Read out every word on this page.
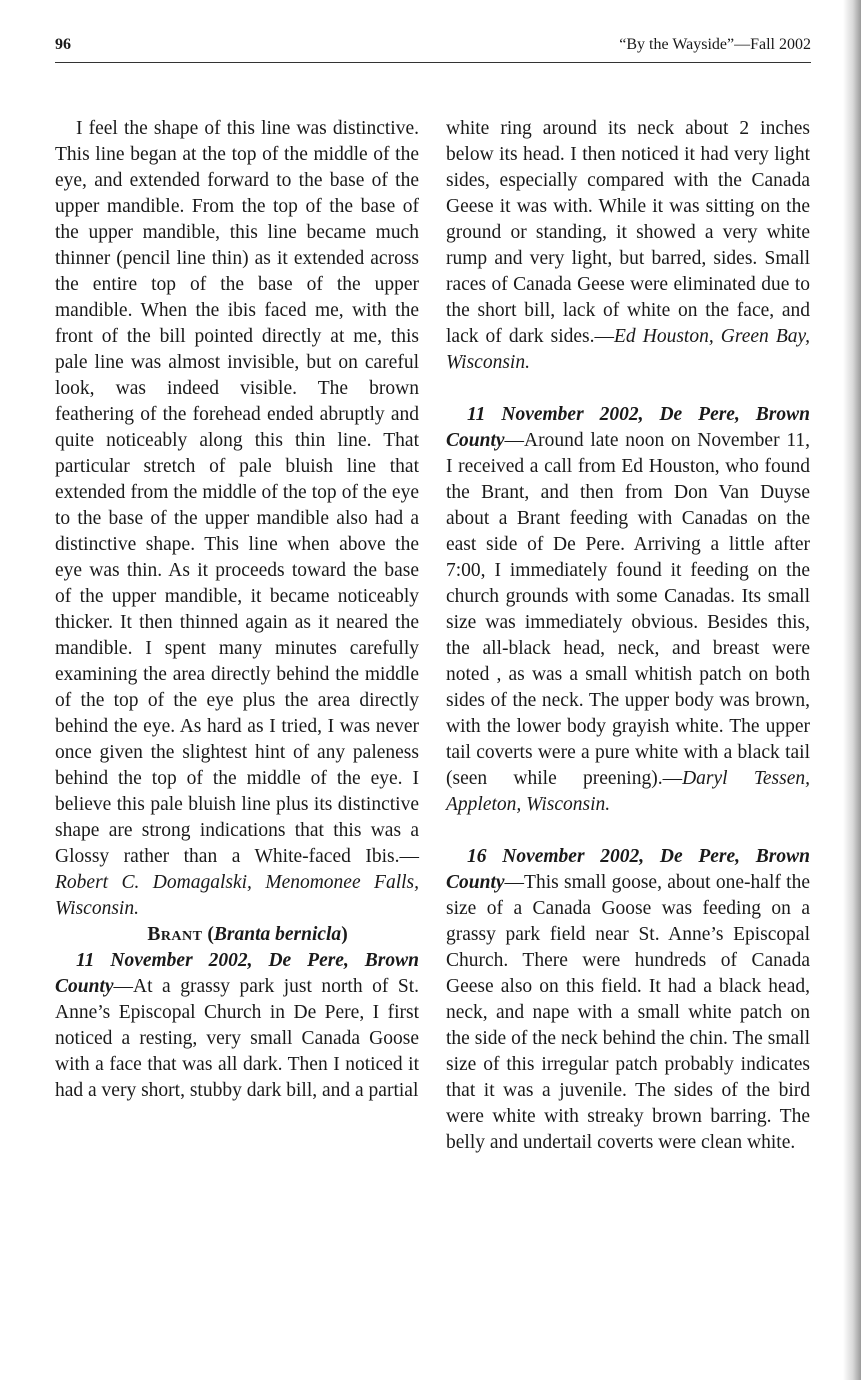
96	“By the Wayside”—Fall 2002

I feel the shape of this line was distinctive. This line began at the top of the middle of the eye, and extended forward to the base of the upper mandible. From the top of the base of the upper mandible, this line became much thinner (pencil line thin) as it extended across the entire top of the base of the upper mandible. When the ibis faced me, with the front of the bill pointed directly at me, this pale line was almost invisible, but on careful look, was indeed visible. The brown feathering of the forehead ended abruptly and quite noticeably along this thin line. That particular stretch of pale bluish line that extended from the middle of the top of the eye to the base of the upper mandible also had a distinctive shape. This line when above the eye was thin. As it proceeds toward the base of the upper mandible, it became noticeably thicker. It then thinned again as it neared the mandible. I spent many minutes carefully examining the area directly behind the middle of the top of the eye plus the area directly behind the eye. As hard as I tried, I was never once given the slightest hint of any paleness behind the top of the middle of the eye. I believe this pale bluish line plus its distinctive shape are strong indications that this was a Glossy rather than a White-faced Ibis.—Robert C. Domagalski, Menomonee Falls, Wisconsin.

Brant (Branta bernicla)

11 November 2002, De Pere, Brown County—At a grassy park just north of St. Anne’s Episcopal Church in De Pere, I first noticed a resting, very small Canada Goose with a face that was all dark. Then I noticed it had a very short, stubby dark bill, and a partial

white ring around its neck about 2 inches below its head. I then noticed it had very light sides, especially compared with the Canada Geese it was with. While it was sitting on the ground or standing, it showed a very white rump and very light, but barred, sides. Small races of Canada Geese were eliminated due to the short bill, lack of white on the face, and lack of dark sides.—Ed Houston, Green Bay, Wisconsin.

11 November 2002, De Pere, Brown County—Around late noon on November 11, I received a call from Ed Houston, who found the Brant, and then from Don Van Duyse about a Brant feeding with Canadas on the east side of De Pere. Arriving a little after 7:00, I immediately found it feeding on the church grounds with some Canadas. Its small size was immediately obvious. Besides this, the all-black head, neck, and breast were noted , as was a small whitish patch on both sides of the neck. The upper body was brown, with the lower body grayish white. The upper tail coverts were a pure white with a black tail (seen while preening).—Daryl Tessen, Appleton, Wisconsin.

16 November 2002, De Pere, Brown County—This small goose, about one-half the size of a Canada Goose was feeding on a grassy park field near St. Anne’s Episcopal Church. There were hundreds of Canada Geese also on this field. It had a black head, neck, and nape with a small white patch on the side of the neck behind the chin. The small size of this irregular patch probably indicates that it was a juvenile. The sides of the bird were white with streaky brown barring. The belly and undertail coverts were clean white.
